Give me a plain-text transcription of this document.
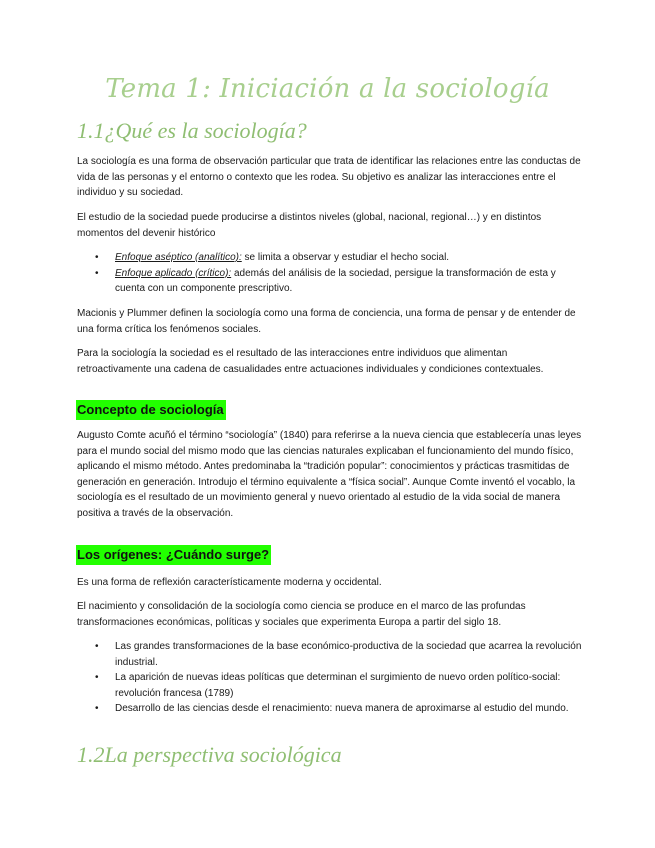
Tema 1: Iniciación a la sociología
1.1¿Qué es la sociología?

La sociología es una forma de observación particular que trata de identificar las relaciones entre las conductas de vida de las personas y el entorno o contexto que les rodea. Su objetivo es analizar las interacciones entre el individuo y su sociedad.

El estudio de la sociedad puede producirse a distintos niveles (global, nacional, regional…) y en distintos momentos del devenir histórico

• Enfoque aséptico (analítico): se limita a observar y estudiar el hecho social.
• Enfoque aplicado (crítico): además del análisis de la sociedad, persigue la transformación de esta y cuenta con un componente prescriptivo.

Macionis y Plummer definen la sociología como una forma de conciencia, una forma de pensar y de entender de una forma crítica los fenómenos sociales.

Para la sociología la sociedad es el resultado de las interacciones entre individuos que alimentan retroactivamente una cadena de casualidades entre actuaciones individuales y condiciones contextuales.

Concepto de sociología

Augusto Comte acuñó el término “sociología” (1840) para referirse a la nueva ciencia que establecería unas leyes para el mundo social del mismo modo que las ciencias naturales explicaban el funcionamiento del mundo físico, aplicando el mismo método. Antes predominaba la “tradición popular”: conocimientos y prácticas trasmitidas de generación en generación. Introdujo el término equivalente a “física social”. Aunque Comte inventó el vocablo, la sociología es el resultado de un movimiento general y nuevo orientado al estudio de la vida social de manera positiva a través de la observación.

Los orígenes: ¿Cuándo surge?

Es una forma de reflexión característicamente moderna y occidental.

El nacimiento y consolidación de la sociología como ciencia se produce en el marco de las profundas transformaciones económicas, políticas y sociales que experimenta Europa a partir del siglo 18.

• Las grandes transformaciones de la base económico-productiva de la sociedad que acarrea la revolución industrial.
• La aparición de nuevas ideas políticas que determinan el surgimiento de nuevo orden político-social: revolución francesa (1789)
• Desarrollo de las ciencias desde el renacimiento: nueva manera de aproximarse al estudio del mundo.
1.2La perspectiva sociológica
